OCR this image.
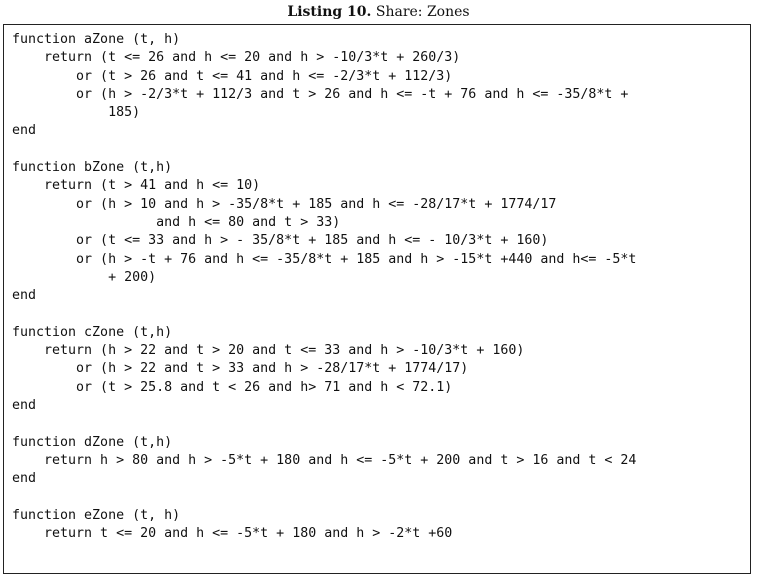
Listing 10. Share: Zones
function aZone (t, h)
return (t <= 26 and h <= 20 and h > -10/3*t + 260/3)
or (t > 26 and t <= 41 and h <= -2/3*t + 112/3)
or (h > -2/3*t + 112/3 and t > 26 and h <= -t + 76 and h <= -35/8*t +
185)
end
function bZone (t,h)
return (t > 41 and h <= 10)
or (h > 10 and h > -35/8*t + 185 and h <= -28/17*t + 1774/17
and h <= 80 and t > 33)
or (t <= 33 and h > - 35/8*t + 185 and h <= - 10/3*t + 160)
or (h > -t + 76 and h <= -35/8*t + 185 and h > -15*t +440 and h<= -5*t
+ 200)
end
function cZone (t,h)
return (h > 22 and t > 20 and t <= 33 and h > -10/3*t + 160)
or (h > 22 and t > 33 and h > -28/17*t + 1774/17)
or (t > 25.8 and t < 26 and h> 71 and h < 72.1)
end
function dZone (t,h)
return h > 80 and h > -5*t + 180 and h <= -5*t + 200 and t > 16 and t < 24
end
function eZone (t, h)
return t <= 20 and h <= -5*t + 180 and h > -2*t +60
